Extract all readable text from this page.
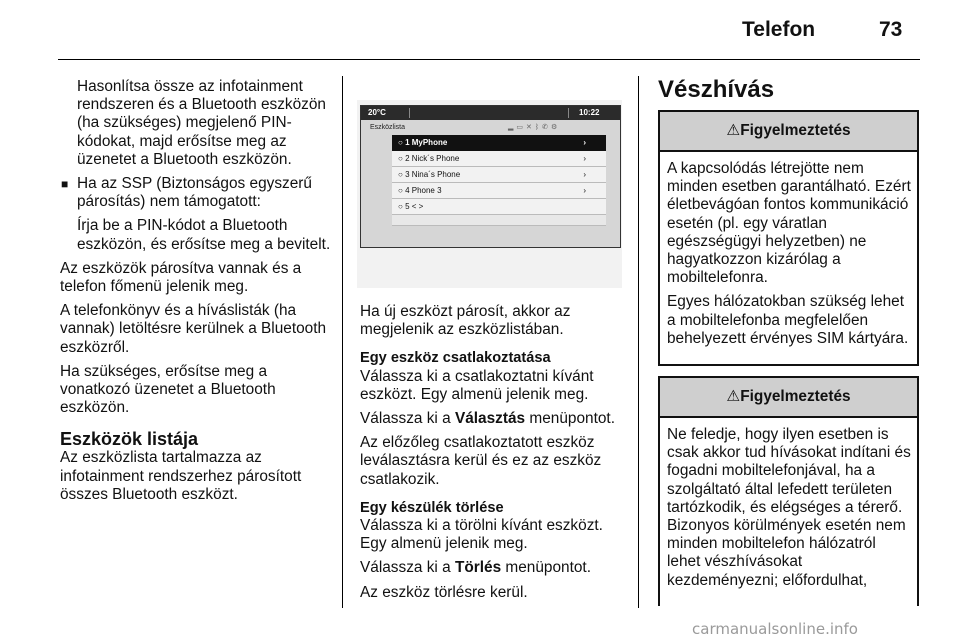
Telefon	73

Hasonlítsa össze az infotainment rendszeren és a Bluetooth eszközön (ha szükséges) megjelenő PIN-kódokat, majd erősítse meg az üzenetet a Bluetooth eszközön.

■ Ha az SSP (Biztonságos egyszerű párosítás) nem támogatott:

Írja be a PIN-kódot a Bluetooth eszközön, és erősítse meg a bevitelt.

Az eszközök párosítva vannak és a telefon főmenü jelenik meg.

A telefonkönyv és a híváslisták (ha vannak) letöltésre kerülnek a Bluetooth eszközről.

Ha szükséges, erősítse meg a vonatkozó üzenetet a Bluetooth eszközön.

Eszközök listája

Az eszközlista tartalmazza az infotainment rendszerhez párosított összes Bluetooth eszközt.

20°C	10:22
Eszközlista	▂▭✕ᛒ✆⚙
○ 1 MyPhone	›
○ 2 Nick´s Phone	›
○ 3 Nina´s Phone	›
○ 4 Phone 3	›
○ 5 < >

Ha új eszközt párosít, akkor az megjelenik az eszközlistában.

Egy eszköz csatlakoztatása

Válassza ki a csatlakoztatni kívánt eszközt. Egy almenü jelenik meg.

Válassza ki a Választás menüpontot.

Az előzőleg csatlakoztatott eszköz leválasztásra kerül és ez az eszköz csatlakozik.

Egy készülék törlése

Válassza ki a törölni kívánt eszközt. Egy almenü jelenik meg.

Válassza ki a Törlés menüpontot.

Az eszköz törlésre kerül.

Vészhívás
⚠Figyelmeztetés

A kapcsolódás létrejötte nem minden esetben garantálható. Ezért életbevágóan fontos kommunikáció esetén (pl. egy váratlan egészségügyi helyzetben) ne hagyatkozzon kizárólag a mobiltelefonra.

Egyes hálózatokban szükség lehet a mobiltelefonba megfelelően behelyezett érvényes SIM kártyára.

⚠Figyelmeztetés

Ne feledje, hogy ilyen esetben is csak akkor tud hívásokat indítani és fogadni mobiltelefonjával, ha a szolgáltató által lefedett területen tartózkodik, és elégséges a térerő. Bizonyos körülmények esetén nem minden mobiltelefon hálózatról lehet vészhívásokat kezdeményezni; előfordulhat,

carmanualsonline.info
